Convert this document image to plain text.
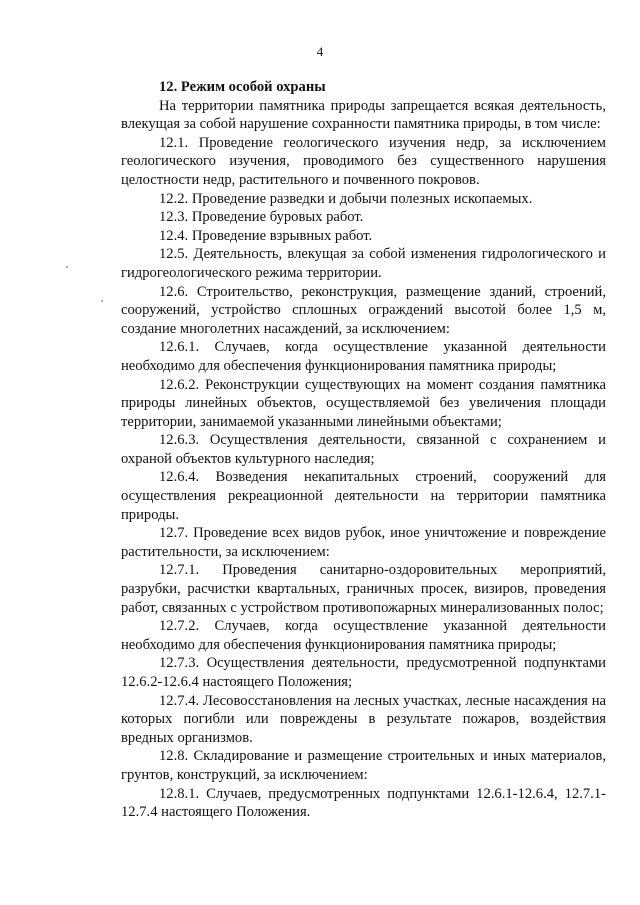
4

12. Режим особой охраны

На территории памятника природы запрещается всякая деятельность, влекущая за собой нарушение сохранности памятника природы, в том числе:

12.1. Проведение геологического изучения недр, за исключением геологического изучения, проводимого без существенного нарушения целостности недр, растительного и почвенного покровов.

12.2. Проведение разведки и добычи полезных ископаемых.

12.3. Проведение буровых работ.

12.4. Проведение взрывных работ.

12.5. Деятельность, влекущая за собой изменения гидрологического и гидрогеологического режима территории.

12.6. Строительство, реконструкция, размещение зданий, строений, сооружений, устройство сплошных ограждений высотой более 1,5 м, создание многолетних насаждений, за исключением:

12.6.1. Случаев, когда осуществление указанной деятельности необходимо для обеспечения функционирования памятника природы;

12.6.2. Реконструкции существующих на момент создания памятника природы линейных объектов, осуществляемой без увеличения площади территории, занимаемой указанными линейными объектами;

12.6.3. Осуществления деятельности, связанной с сохранением и охраной объектов культурного наследия;

12.6.4. Возведения некапитальных строений, сооружений для осуществления рекреационной деятельности на территории памятника природы.

12.7. Проведение всех видов рубок, иное уничтожение и повреждение растительности, за исключением:

12.7.1. Проведения санитарно-оздоровительных мероприятий, разрубки, расчистки квартальных, граничных просек, визиров, проведения работ, связанных с устройством противопожарных минерализованных полос;

12.7.2. Случаев, когда осуществление указанной деятельности необходимо для обеспечения функционирования памятника природы;

12.7.3. Осуществления деятельности, предусмотренной подпунктами 12.6.2-12.6.4 настоящего Положения;

12.7.4. Лесовосстановления на лесных участках, лесные насаждения на которых погибли или повреждены в результате пожаров, воздействия вредных организмов.

12.8. Складирование и размещение строительных и иных материалов, грунтов, конструкций, за исключением:

12.8.1. Случаев, предусмотренных подпунктами 12.6.1-12.6.4, 12.7.1-12.7.4 настоящего Положения.
